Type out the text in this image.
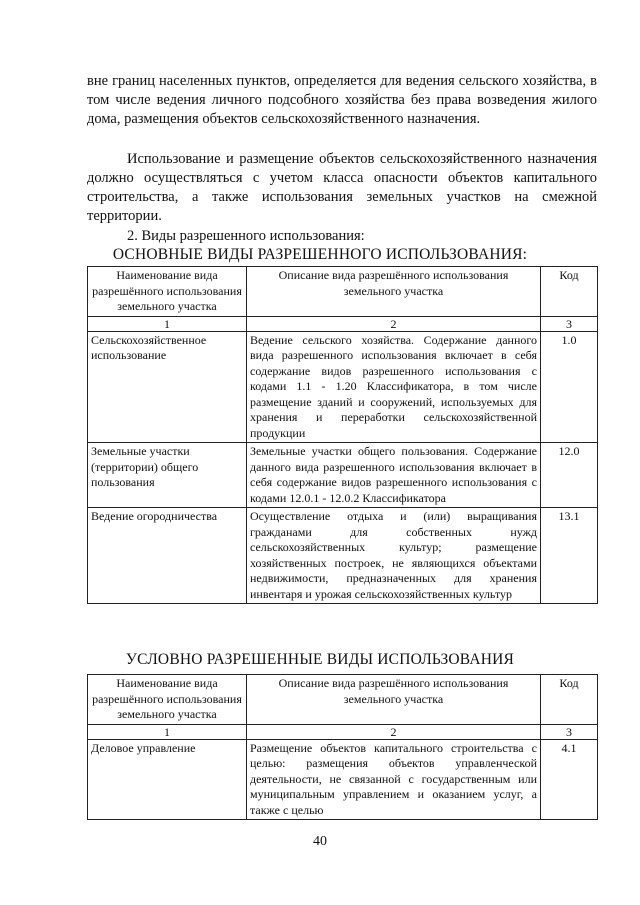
вне границ населенных пунктов, определяется для ведения сельского хозяйства, в том числе ведения личного подсобного хозяйства без права возведения жилого дома, размещения объектов сельскохозяйственного назначения.
Использование и размещение объектов сельскохозяйственного назначения должно осуществляться с учетом класса опасности объектов капитального строительства, а также использования земельных участков на смежной территории.
2. Виды разрешенного использования:
ОСНОВНЫЕ ВИДЫ РАЗРЕШЕННОГО ИСПОЛЬЗОВАНИЯ:
Наименование вида разрешённого использования земельного участка	Описание вида разрешённого использования земельного участка	Код
1	2	3
Сельскохозяйственное использование	Ведение сельского хозяйства. Содержание данного вида разрешенного использования включает в себя содержание видов разрешенного использования с кодами 1.1 - 1.20 Классификатора, в том числе размещение зданий и сооружений, используемых для хранения и переработки сельскохозяйственной продукции	1.0
Земельные участки (территории) общего пользования	Земельные участки общего пользования. Содержание данного вида разрешенного использования включает в себя содержание видов разрешенного использования с кодами 12.0.1 - 12.0.2 Классификатора	12.0
Ведение огородничества	Осуществление отдыха и (или) выращивания гражданами для собственных нужд сельскохозяйственных культур; размещение хозяйственных построек, не являющихся объектами недвижимости, предназначенных для хранения инвентаря и урожая сельскохозяйственных культур	13.1
УСЛОВНО РАЗРЕШЕННЫЕ ВИДЫ ИСПОЛЬЗОВАНИЯ
Наименование вида разрешённого использования земельного участка	Описание вида разрешённого использования земельного участка	Код
1	2	3
Деловое управление	Размещение объектов капитального строительства с целью: размещения объектов управленческой деятельности, не связанной с государственным или муниципальным управлением и оказанием услуг, а также с целью	4.1
40
